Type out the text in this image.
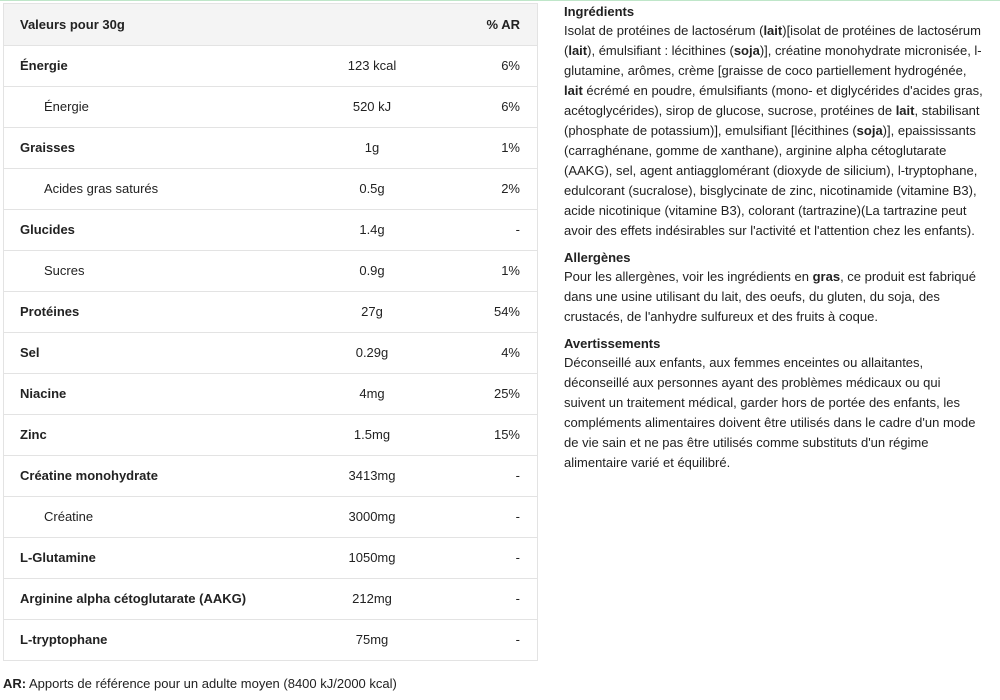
Valeurs pour 30g		% AR
Énergie	123 kcal	6%
Énergie	520 kJ	6%
Graisses	1g	1%
Acides gras saturés	0.5g	2%
Glucides	1.4g	-
Sucres	0.9g	1%
Protéines	27g	54%
Sel	0.29g	4%
Niacine	4mg	25%
Zinc	1.5mg	15%
Créatine monohydrate	3413mg	-
Créatine	3000mg	-
L-Glutamine	1050mg	-
Arginine alpha cétoglutarate (AAKG)	212mg	-
L-tryptophane	75mg	-
AR: Apports de référence pour un adulte moyen (8400 kJ/2000 kcal)
Ingrédients

Isolat de protéines de lactosérum (lait)[isolat de protéines de lactosérum (lait), émulsifiant : lécithines (soja)], créatine monohydrate micronisée, l-glutamine, arômes, crème [graisse de coco partiellement hydrogénée, lait écrémé en poudre, émulsifiants (mono- et diglycérides d'acides gras, acétoglycérides), sirop de glucose, sucrose, protéines de lait, stabilisant (phosphate de potassium)], emulsifiant [lécithines (soja)], epaississants (carraghénane, gomme de xanthane), arginine alpha cétoglutarate (AAKG), sel, agent antiagglomérant (dioxyde de silicium), l-tryptophane, edulcorant (sucralose), bisglycinate de zinc, nicotinamide (vitamine B3), acide nicotinique (vitamine B3), colorant (tartrazine)(La tartrazine peut avoir des effets indésirables sur l'activité et l'attention chez les enfants).

Allergènes

Pour les allergènes, voir les ingrédients en gras, ce produit est fabriqué dans une usine utilisant du lait, des oeufs, du gluten, du soja, des crustacés, de l'anhydre sulfureux et des fruits à coque.

Avertissements

Déconseillé aux enfants, aux femmes enceintes ou allaitantes, déconseillé aux personnes ayant des problèmes médicaux ou qui suivent un traitement médical, garder hors de portée des enfants, les compléments alimentaires doivent être utilisés dans le cadre d'un mode de vie sain et ne pas être utilisés comme substituts d'un régime alimentaire varié et équilibré.
